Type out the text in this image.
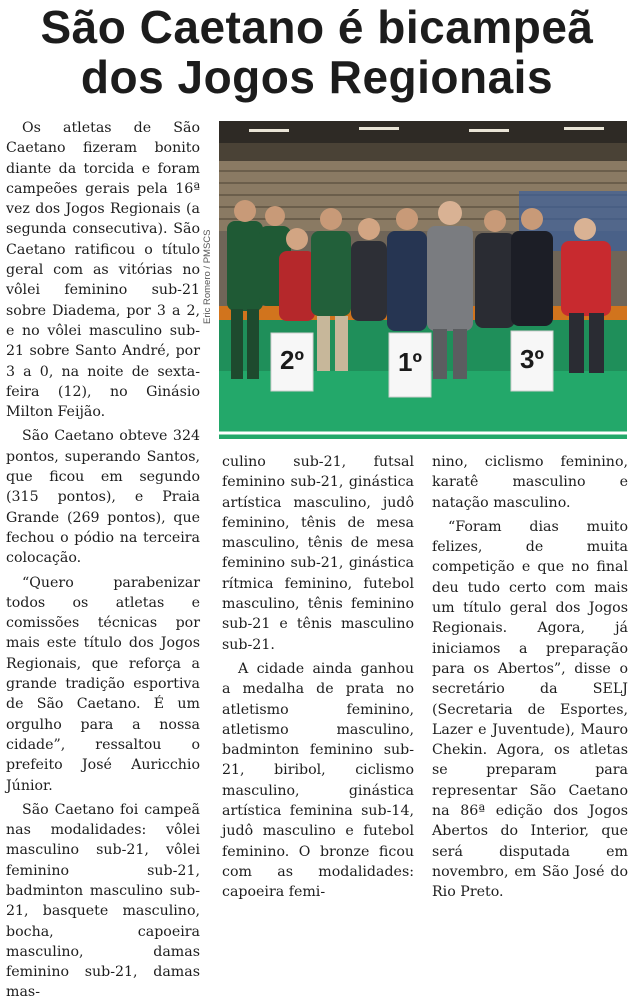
São Caetano é bicampeã
dos Jogos Regionais
Eric Romero / PMSCS
2º	1º	3º

Os atletas de São Caetano fizeram bonito diante da torcida e foram campeões gerais pela 16ª vez dos Jogos Regionais (a segunda consecutiva). São Caetano ratificou o título geral com as vitórias no vôlei feminino sub-21 sobre Diadema, por 3 a 2, e no vôlei masculino sub-21 sobre Santo André, por 3 a 0, na noite de sexta-feira (12), no Ginásio Milton Feijão.

São Caetano obteve 324 pontos, superando Santos, que ficou em segundo (315 pontos), e Praia Grande (269 pontos), que fechou o pódio na terceira colocação.

“Quero parabenizar todos os atletas e comissões técnicas por mais este título dos Jogos Regionais, que reforça a grande tradição esportiva de São Caetano. É um orgulho para a nossa cidade”, ressaltou o prefeito José Auricchio Júnior.

São Caetano foi campeã nas modalidades: vôlei masculino sub-21, vôlei feminino sub-21, badminton masculino sub-21, basquete masculino, bocha, capoeira masculino, damas feminino sub-21, damas mas-

culino sub-21, futsal feminino sub-21, ginástica artística masculino, judô feminino, tênis de mesa masculino, tênis de mesa feminino sub-21, ginástica rítmica feminino, futebol masculino, tênis feminino sub-21 e tênis masculino sub-21.

A cidade ainda ganhou a medalha de prata no atletismo feminino, atletismo masculino, badminton feminino sub-21, biribol, ciclismo masculino, ginástica artística feminina sub-14, judô masculino e futebol feminino. O bronze ficou com as modalidades: capoeira femi-

nino, ciclismo feminino, karatê masculino e natação masculino.

“Foram dias muito felizes, de muita competição e que no final deu tudo certo com mais um título geral dos Jogos Regionais. Agora, já iniciamos a preparação para os Abertos”, disse o secretário da SELJ (Secretaria de Esportes, Lazer e Juventude), Mauro Chekin. Agora, os atletas se preparam para representar São Caetano na 86ª edição dos Jogos Abertos do Interior, que será disputada em novembro, em São José do Rio Preto.
